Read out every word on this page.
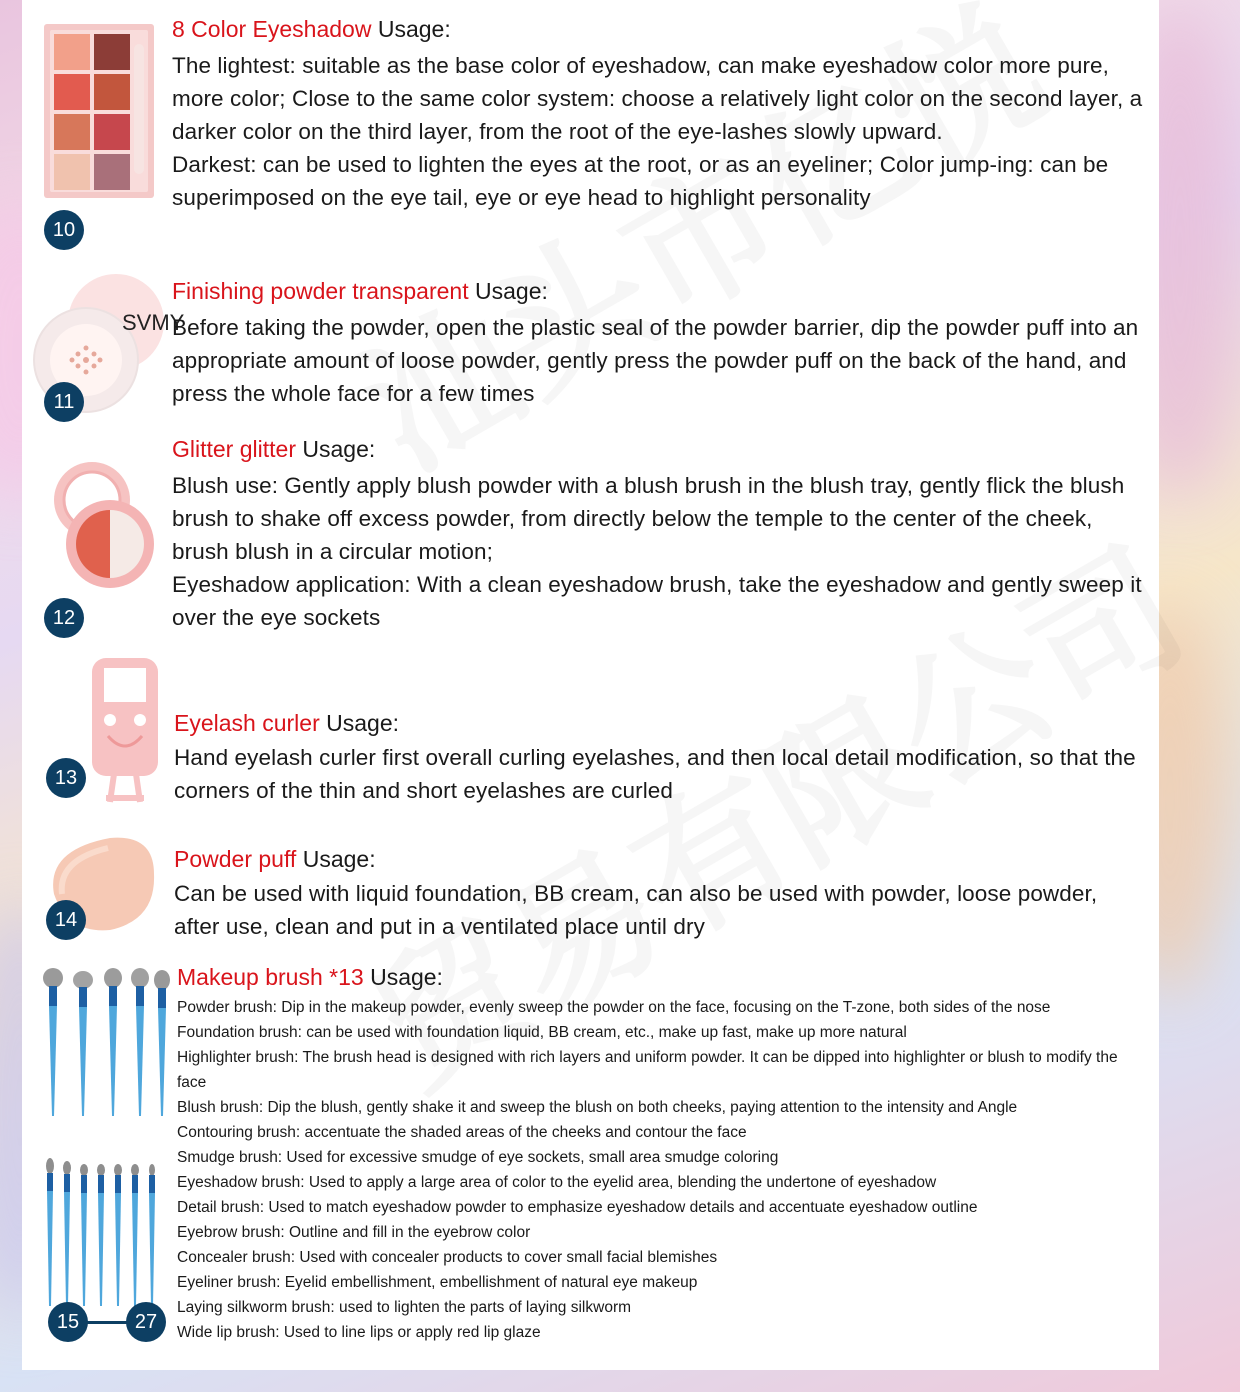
10

8 Color Eyeshadow Usage:

The lightest: suitable as the base color of eyeshadow, can make eyeshadow color more pure, more color; Close to the same color system: choose a relatively light color on the second layer, a darker color on the third layer, from the root of the eye-lashes slowly upward.

Darkest: can be used to lighten the eyes at the root, or as an eyeliner; Color jump-ing: can be superimposed on the eye tail, eye or eye head to highlight personality

SVMY
11

Finishing powder transparent Usage:

Before taking the powder, open the plastic seal of the powder barrier, dip the powder puff into an appropriate amount of loose powder, gently press the powder puff on the back of the hand, and press the whole face for a few times

12

Glitter glitter Usage:

Blush use: Gently apply blush powder with a blush brush in the blush tray, gently flick the blush brush to shake off excess powder, from directly below the temple to the center of the cheek, brush blush in a circular motion;

Eyeshadow application: With a clean eyeshadow brush, take the eyeshadow and gently sweep it over the eye sockets

13

Eyelash curler Usage:

Hand eyelash curler first overall curling eyelashes, and then local detail modification, so that the corners of the thin and short eyelashes are curled

14

Powder puff Usage:

Can be used with liquid foundation, BB cream, can also be used with powder, loose powder, after use, clean and put in a ventilated place until dry

15	27

Makeup brush *13 Usage:

Powder brush: Dip in the makeup powder, evenly sweep the powder on the face, focusing on the T-zone, both sides of the nose

Foundation brush: can be used with foundation liquid, BB cream, etc., make up fast, make up more natural

Highlighter brush: The brush head is designed with rich layers and uniform powder. It can be dipped into highlighter or blush to modify the face

Blush brush: Dip the blush, gently shake it and sweep the blush on both cheeks, paying attention to the intensity and Angle

Contouring brush: accentuate the shaded areas of the cheeks and contour the face

Smudge brush: Used for excessive smudge of eye sockets, small area smudge coloring

Eyeshadow brush: Used to apply a large area of color to the eyelid area, blending the undertone of eyeshadow

Detail brush: Used to match eyeshadow powder to emphasize eyeshadow details and accentuate eyeshadow outline

Eyebrow brush: Outline and fill in the eyebrow color

Concealer brush: Used with concealer products to cover small facial blemishes

Eyeliner brush: Eyelid embellishment, embellishment of natural eye makeup

Laying silkworm brush: used to lighten the parts of laying silkworm

Wide lip brush: Used to line lips or apply red lip glaze
